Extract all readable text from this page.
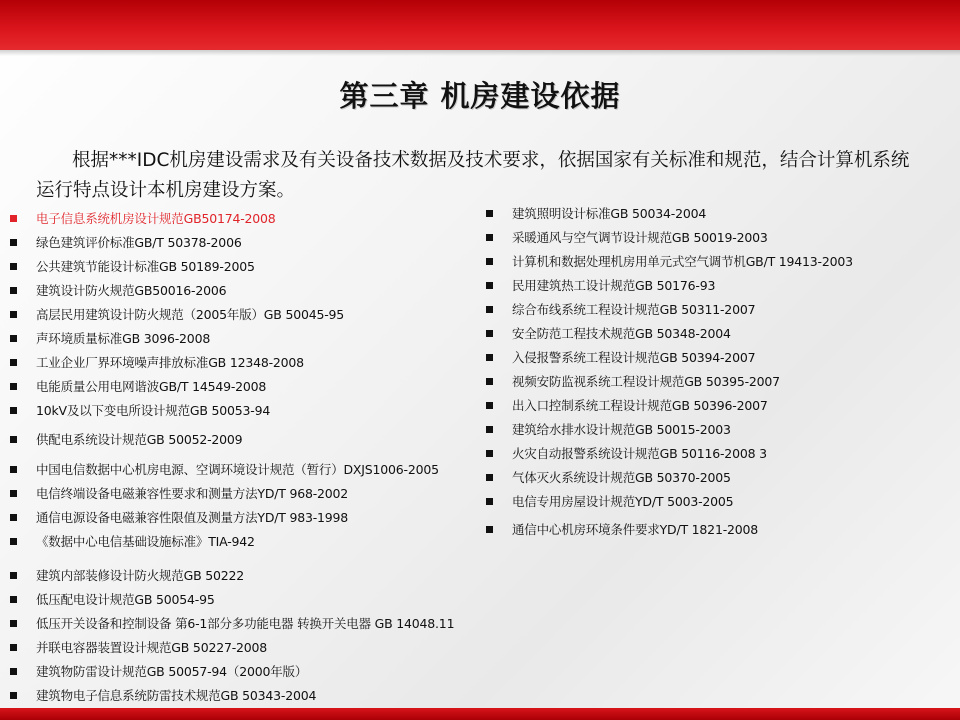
第三章 机房建设依据
根据***IDC机房建设需求及有关设备技术数据及技术要求，依据国家有关标准和规范，结合计算机系统运行特点设计本机房建设方案。
电子信息系统机房设计规范GB50174-2008
绿色建筑评价标准GB/T 50378-2006
公共建筑节能设计标准GB 50189-2005
建筑设计防火规范GB50016-2006
高层民用建筑设计防火规范（2005年版）GB 50045-95
声环境质量标准GB 3096-2008
工业企业厂界环境噪声排放标准GB 12348-2008
电能质量公用电网谐波GB/T 14549-2008
10kV及以下变电所设计规范GB 50053-94
供配电系统设计规范GB 50052-2009
中国电信数据中心机房电源、空调环境设计规范（暂行）DXJS1006-2005
电信终端设备电磁兼容性要求和测量方法YD/T 968-2002
通信电源设备电磁兼容性限值及测量方法YD/T 983-1998
《数据中心电信基础设施标准》TIA-942
建筑内部装修设计防火规范GB 50222
低压配电设计规范GB 50054-95
低压开关设备和控制设备 第6-1部分多功能电器 转换开关电器 GB 14048.11
并联电容器装置设计规范GB 50227-2008
建筑物防雷设计规范GB 50057-94（2000年版）
建筑物电子信息系统防雷技术规范GB 50343-2004
建筑照明设计标准GB 50034-2004
采暖通风与空气调节设计规范GB 50019-2003
计算机和数据处理机房用单元式空气调节机GB/T 19413-2003
民用建筑热工设计规范GB 50176-93
综合布线系统工程设计规范GB 50311-2007
安全防范工程技术规范GB 50348-2004
入侵报警系统工程设计规范GB 50394-2007
视频安防监视系统工程设计规范GB 50395-2007
出入口控制系统工程设计规范GB 50396-2007
建筑给水排水设计规范GB 50015-2003
火灾自动报警系统设计规范GB 50116-2008 3
气体灭火系统设计规范GB 50370-2005
电信专用房屋设计规范YD/T 5003-2005
通信中心机房环境条件要求YD/T 1821-2008
